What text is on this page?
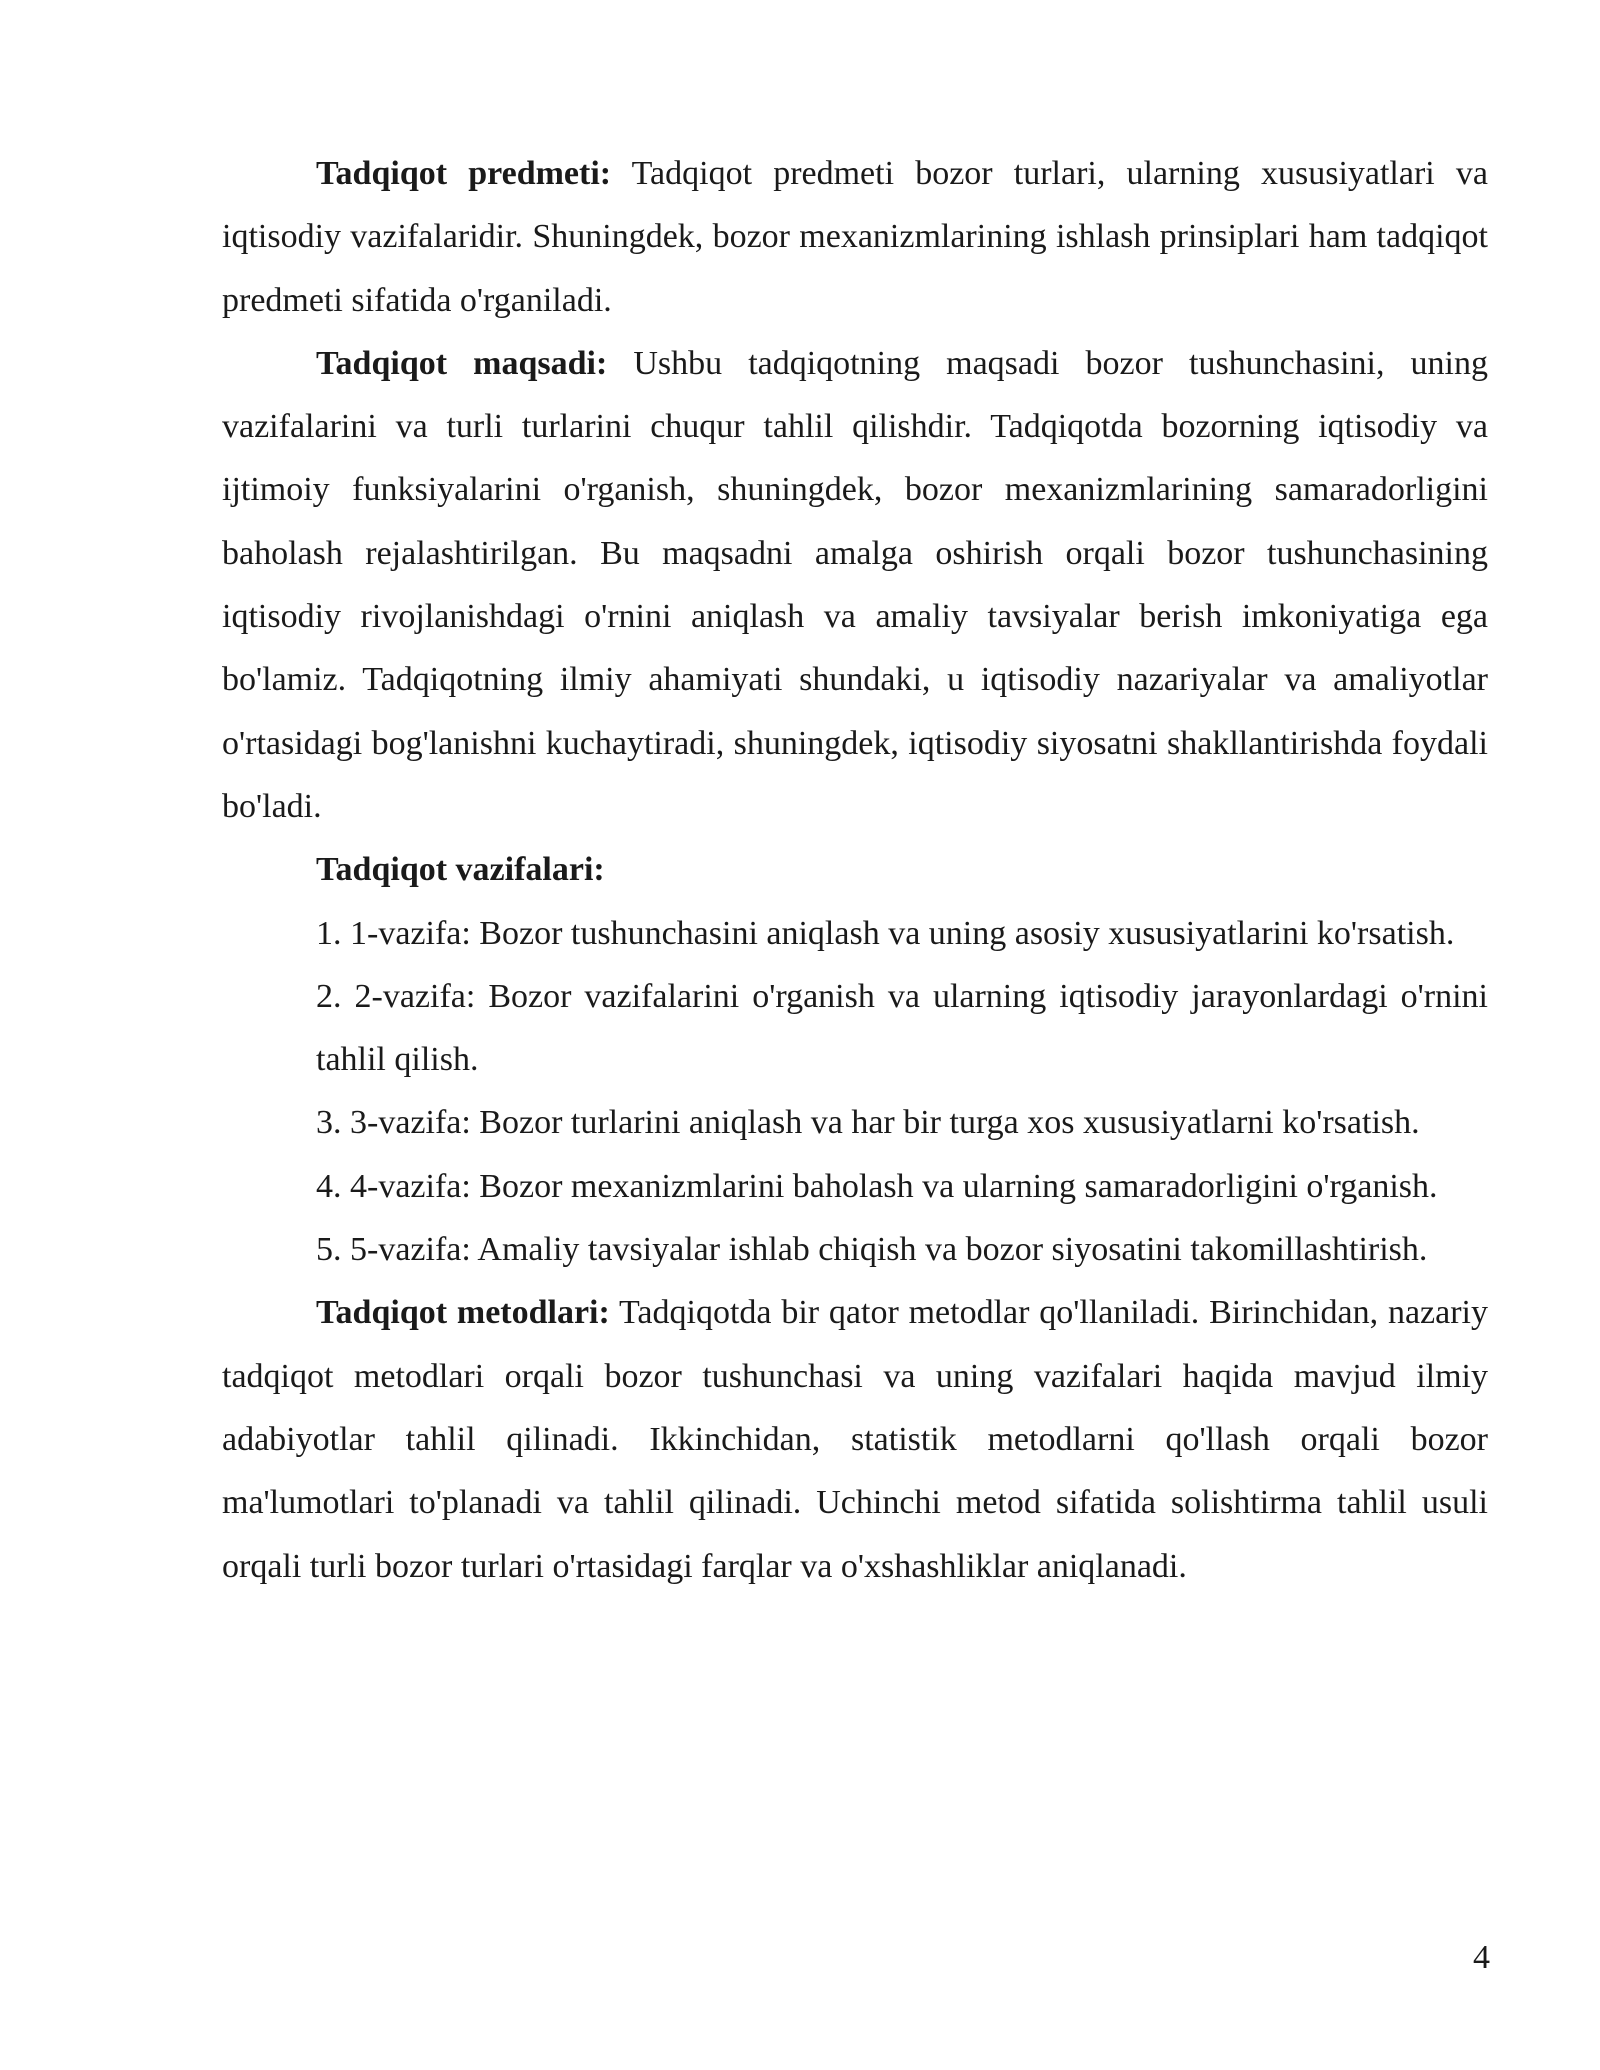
Tadqiqot predmeti: Tadqiqot predmeti bozor turlari, ularning xususiyatlari va iqtisodiy vazifalaridir. Shuningdek, bozor mexanizmlarining ishlash prinsiplari ham tadqiqot predmeti sifatida o'rganiladi.

Tadqiqot maqsadi: Ushbu tadqiqotning maqsadi bozor tushunchasini, uning vazifalarini va turli turlarini chuqur tahlil qilishdir. Tadqiqotda bozorning iqtisodiy va ijtimoiy funksiyalarini o'rganish, shuningdek, bozor mexanizmlarining samaradorligini baholash rejalashtirilgan. Bu maqsadni amalga oshirish orqali bozor tushunchasining iqtisodiy rivojlanishdagi o'rnini aniqlash va amaliy tavsiyalar berish imkoniyatiga ega bo'lamiz. Tadqiqotning ilmiy ahamiyati shundaki, u iqtisodiy nazariyalar va amaliyotlar o'rtasidagi bog'lanishni kuchaytiradi, shuningdek, iqtisodiy siyosatni shakllantirishda foydali bo'ladi.

Tadqiqot vazifalari:

1. 1-vazifa: Bozor tushunchasini aniqlash va uning asosiy xususiyatlarini ko'rsatish.

2. 2-vazifa: Bozor vazifalarini o'rganish va ularning iqtisodiy jarayonlardagi o'rnini tahlil qilish.

3. 3-vazifa: Bozor turlarini aniqlash va har bir turga xos xususiyatlarni ko'rsatish.

4. 4-vazifa: Bozor mexanizmlarini baholash va ularning samaradorligini o'rganish.

5. 5-vazifa: Amaliy tavsiyalar ishlab chiqish va bozor siyosatini takomillashtirish.

Tadqiqot metodlari: Tadqiqotda bir qator metodlar qo'llaniladi. Birinchidan, nazariy tadqiqot metodlari orqali bozor tushunchasi va uning vazifalari haqida mavjud ilmiy adabiyotlar tahlil qilinadi. Ikkinchidan, statistik metodlarni qo'llash orqali bozor ma'lumotlari to'planadi va tahlil qilinadi. Uchinchi metod sifatida solishtirma tahlil usuli orqali turli bozor turlari o'rtasidagi farqlar va o'xshashliklar aniqlanadi.

4
